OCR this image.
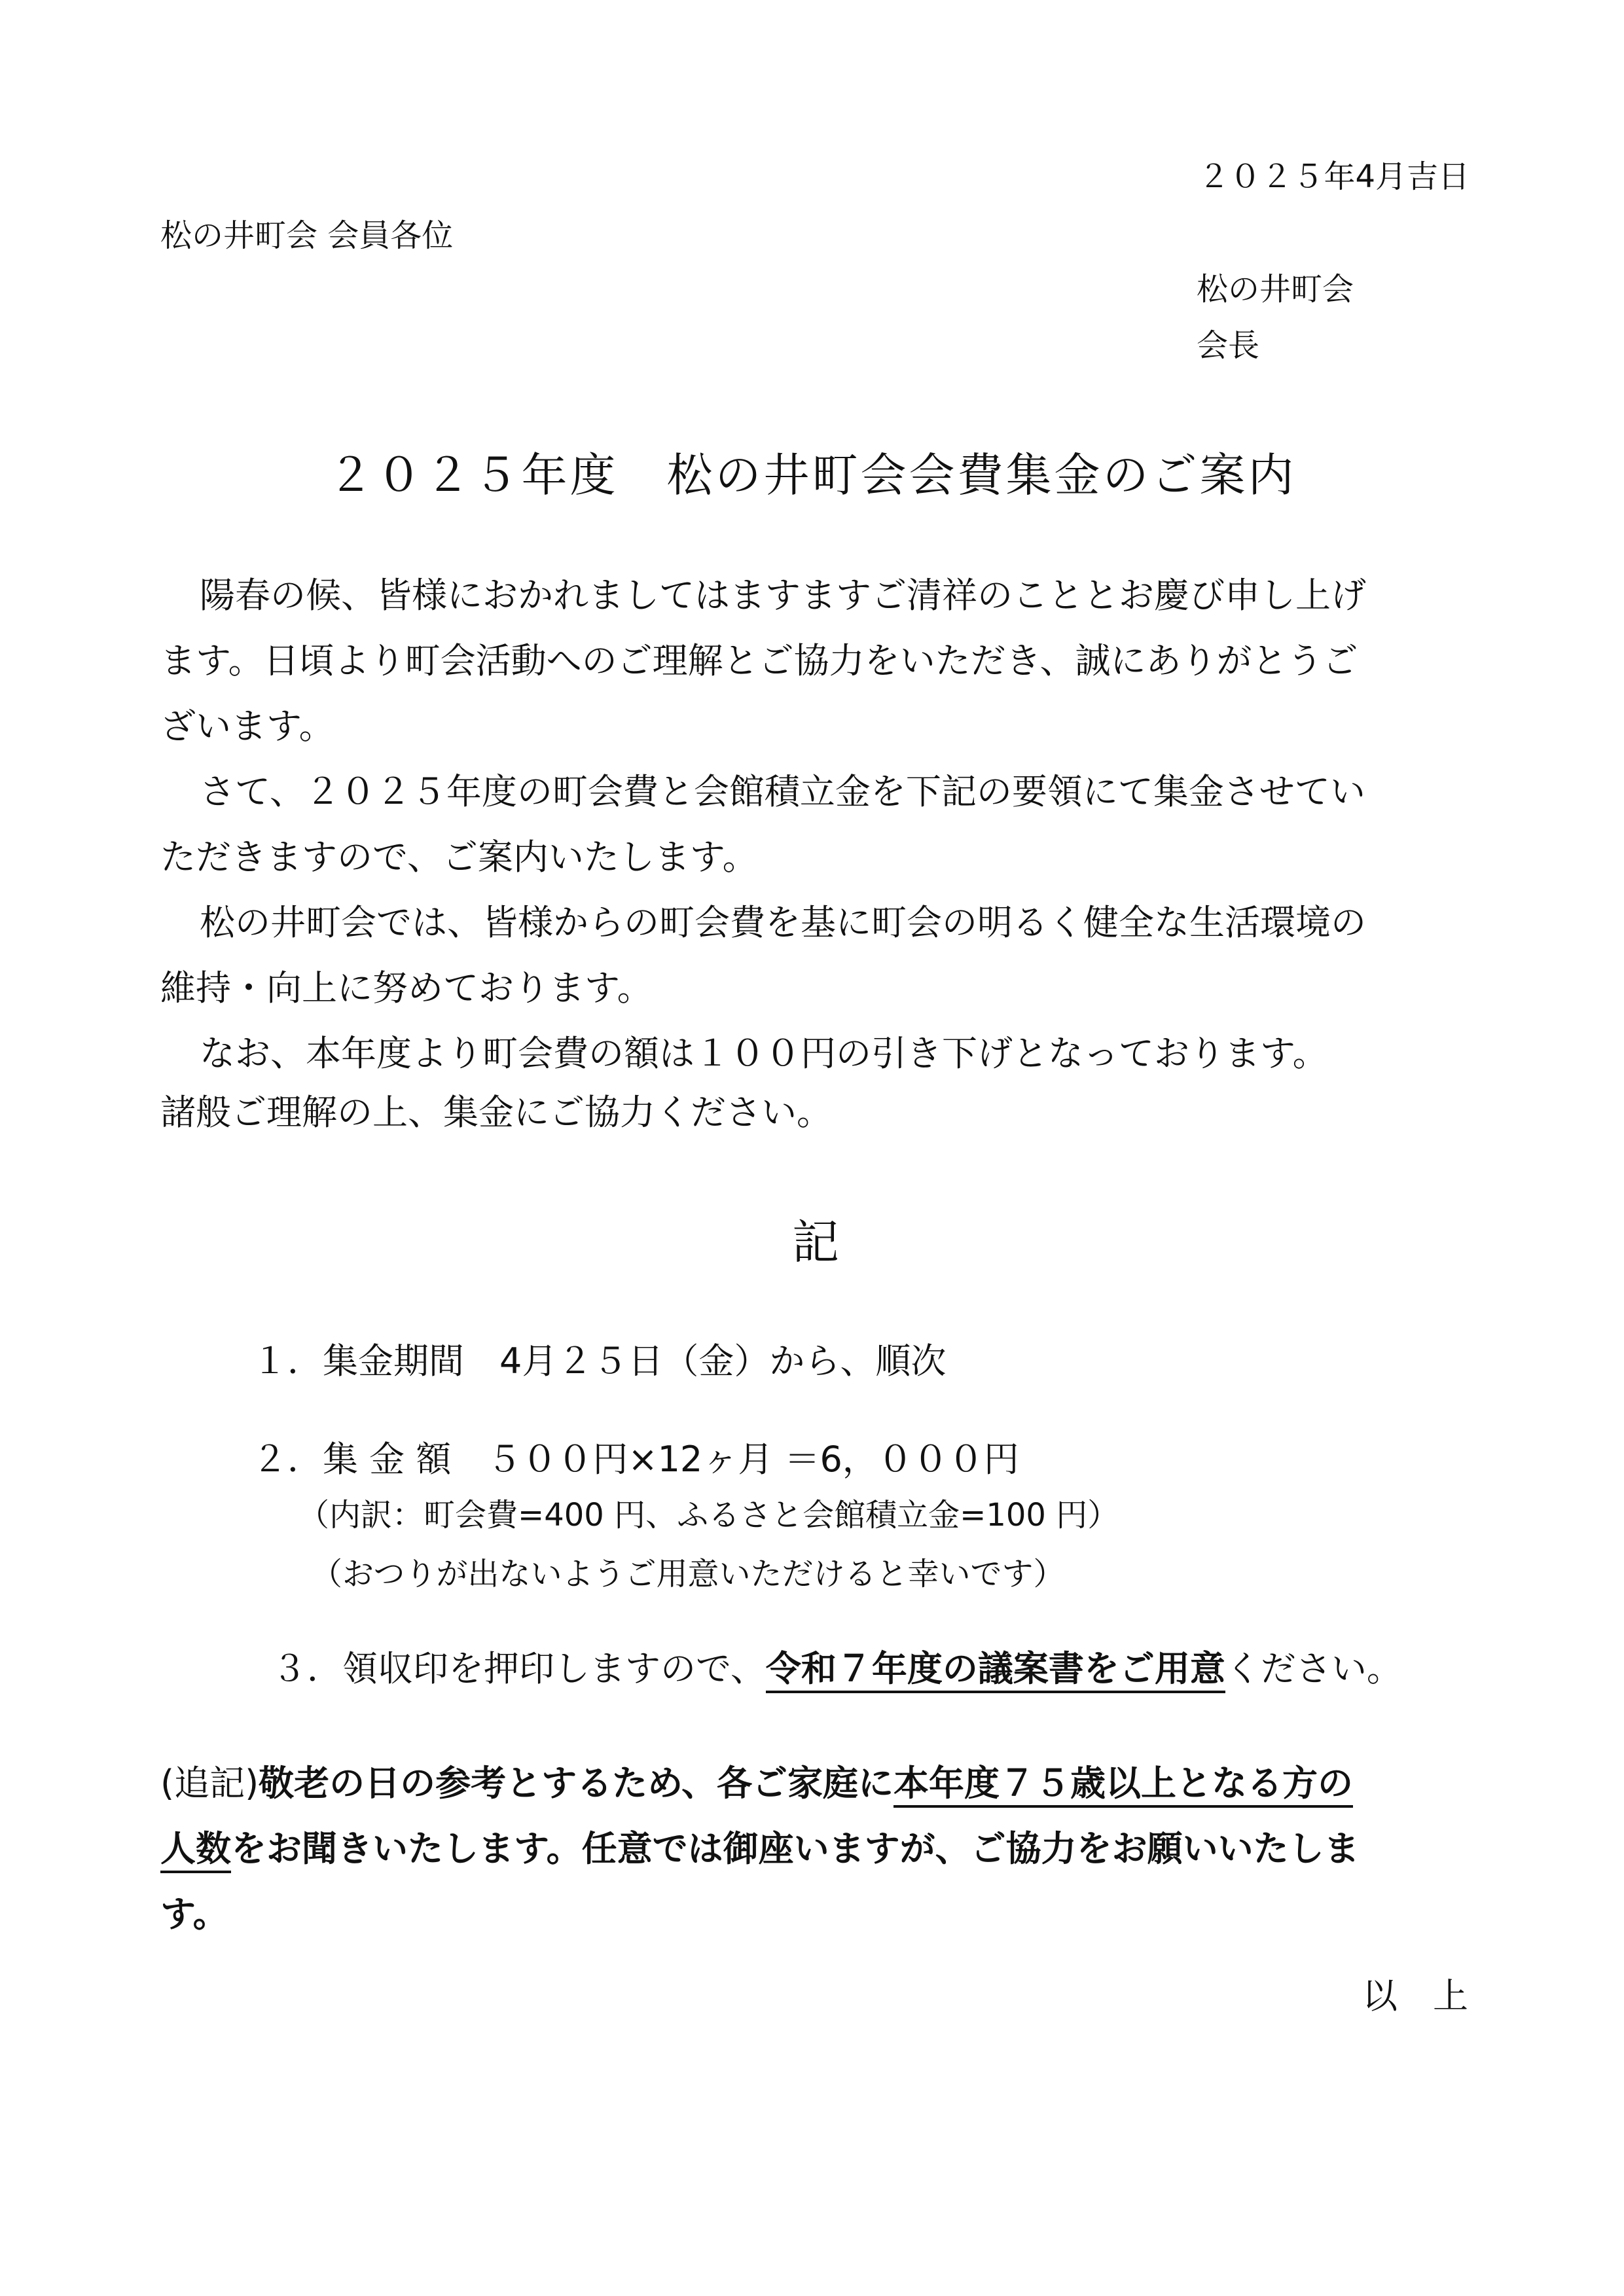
２０２５年4月吉日
松の井町会 会員各位
松の井町会
会長
２０２５年度　松の井町会会費集金のご案内
陽春の候、皆様におかれましてはますますご清祥のこととお慶び申し上げ
ます。日頃より町会活動へのご理解とご協力をいただき、誠にありがとうご
ざいます。
さて、２０２５年度の町会費と会館積立金を下記の要領にて集金させてい
ただきますので、ご案内いたします。
松の井町会では、皆様からの町会費を基に町会の明るく健全な生活環境の
維持・向上に努めております。
なお、本年度より町会費の額は１００円の引き下げとなっております。
諸般ご理解の上、集金にご協力ください。
記
１．集金期間　4月２５日（金）から、順次
２．集 金 額　５００円×12ヶ月 ＝6，０００円
（内訳：町会費=400 円、ふるさと会館積立金=100 円）
（おつりが出ないようご用意いただけると幸いです）
３．領収印を押印しますので、令和７年度の議案書をご用意ください。
(追記)敬老の日の参考とするため、各ご家庭に本年度７５歳以上となる方の
人数をお聞きいたします。任意では御座いますが、ご協力をお願いいたしま
す。
以　上
